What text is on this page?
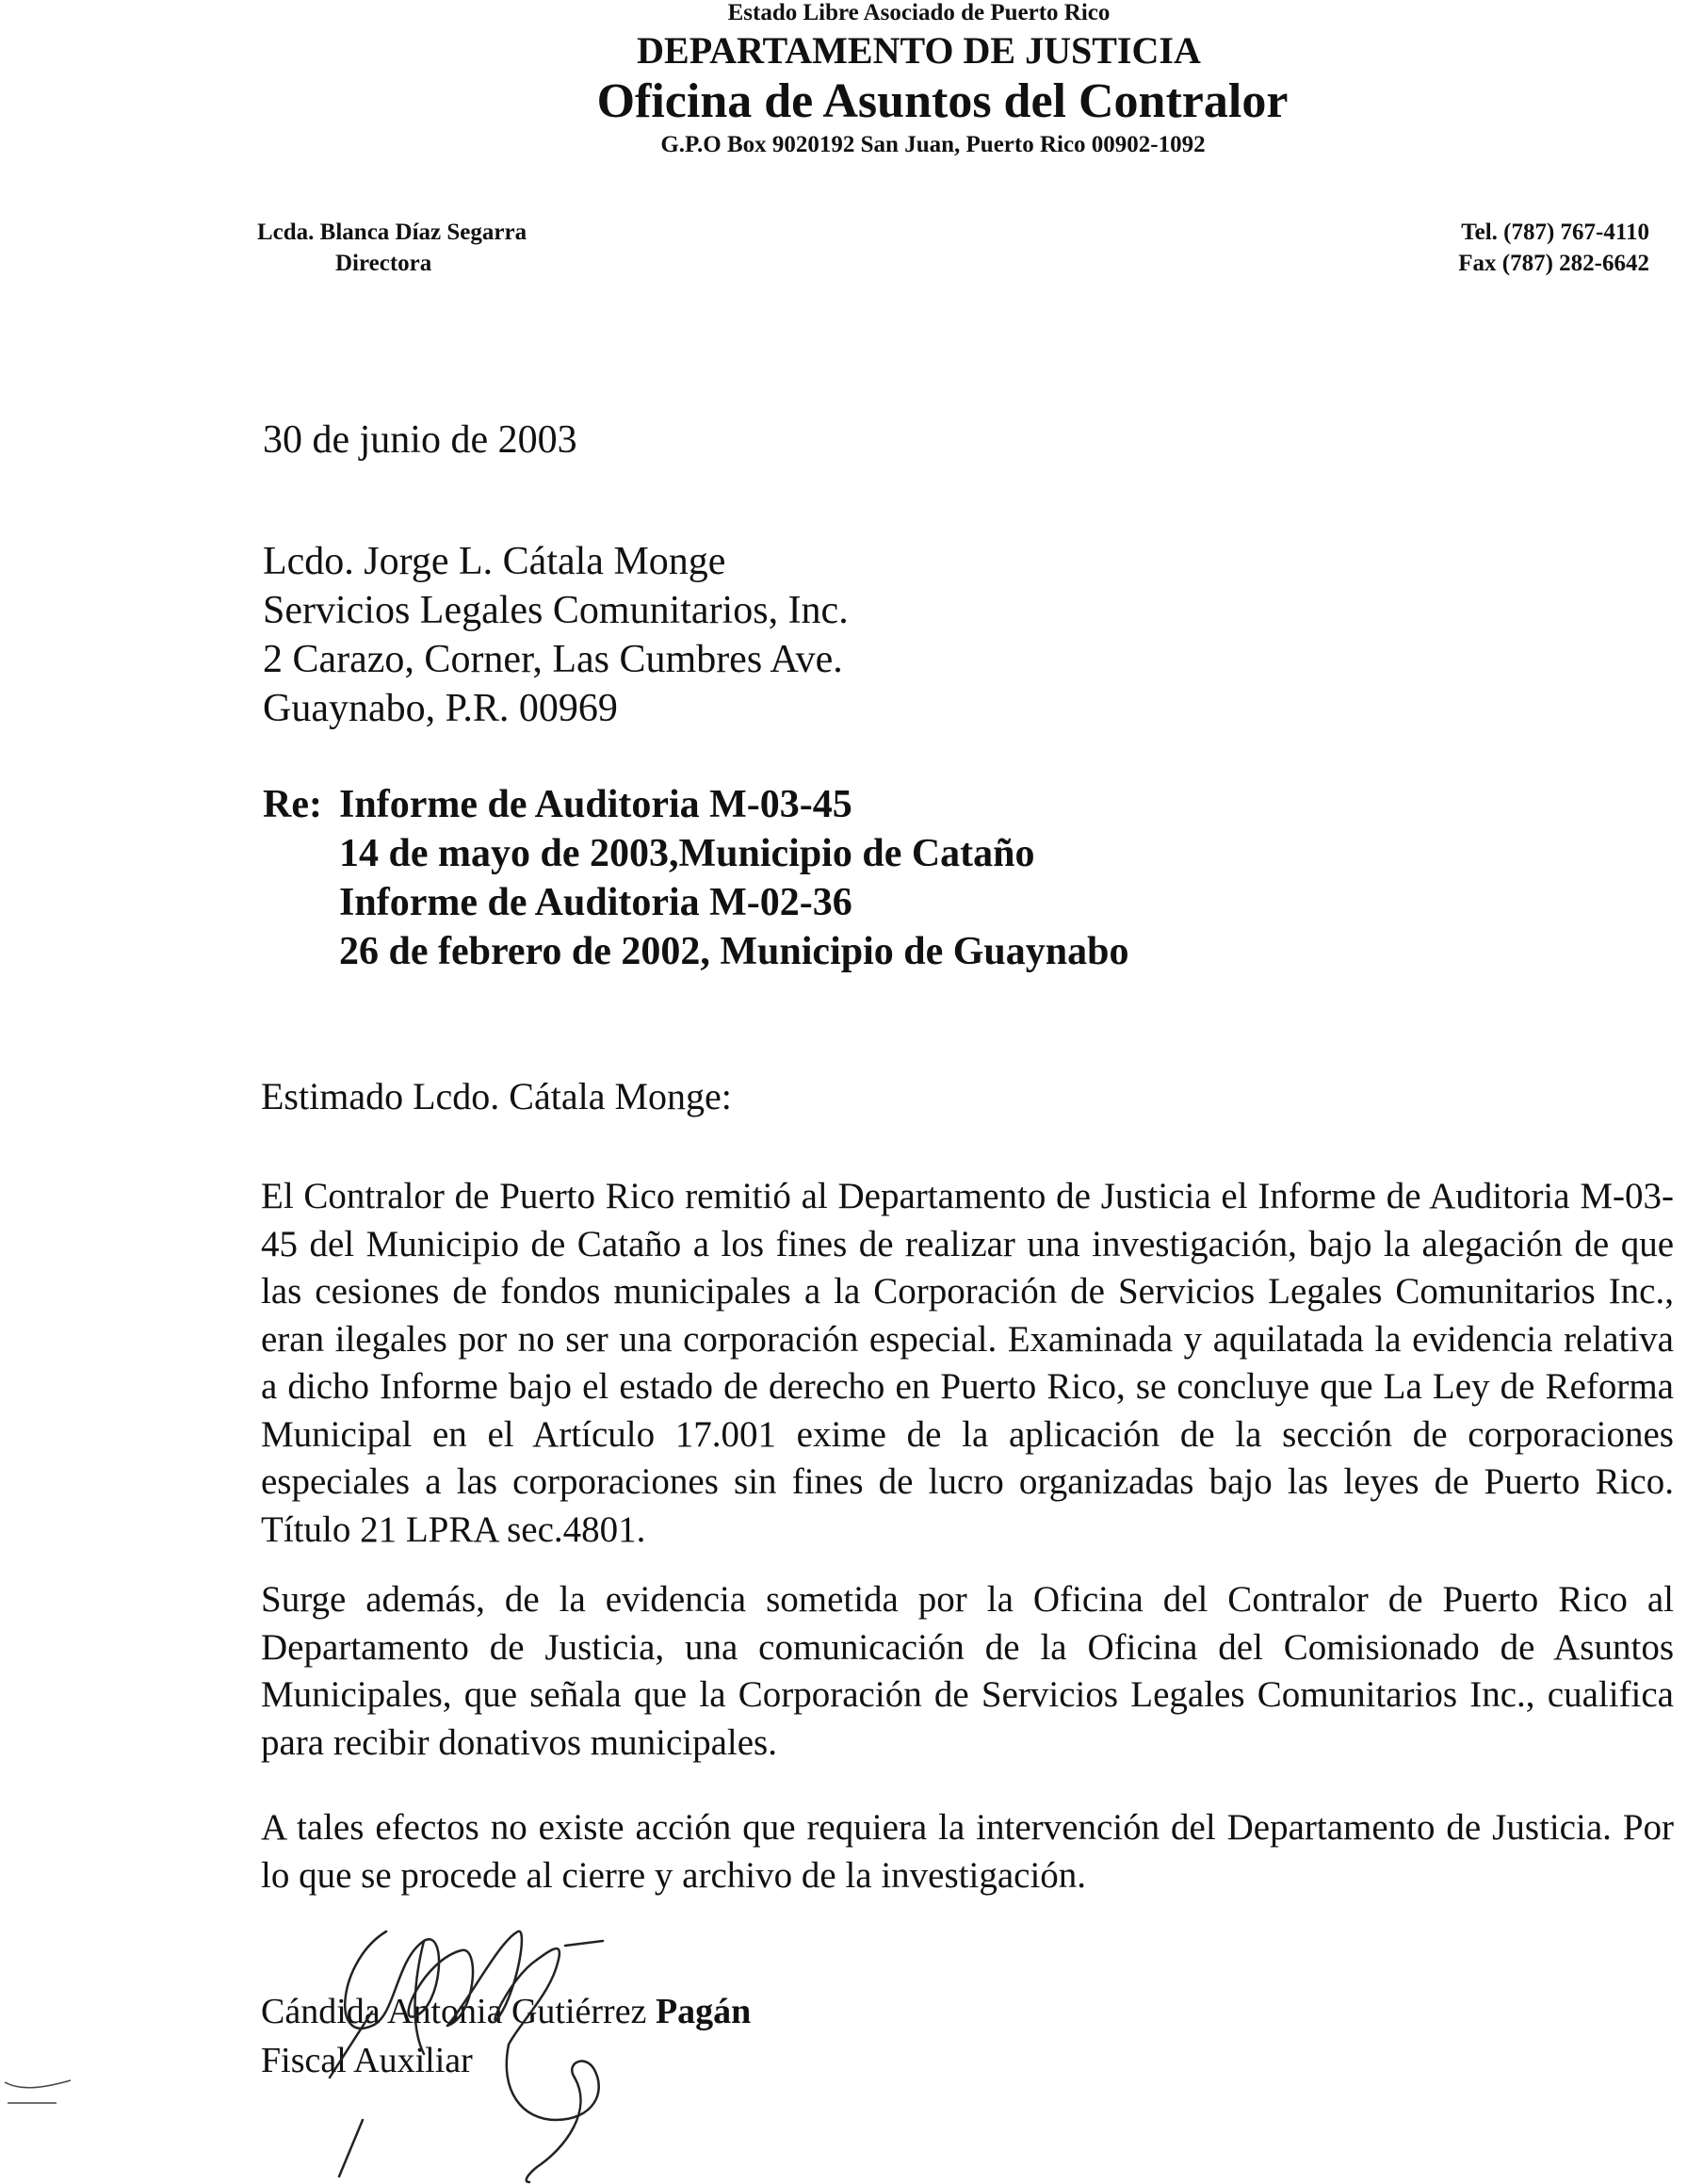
Estado Libre Asociado de Puerto Rico
DEPARTAMENTO DE JUSTICIA
Oficina de Asuntos del Contralor
G.P.O Box 9020192 San Juan, Puerto Rico 00902-1092
Lcda. Blanca Díaz Segarra
Directora
Tel. (787) 767-4110
Fax (787) 282-6642
30 de junio de 2003
Lcdo. Jorge L. Cátala Monge
Servicios Legales Comunitarios, Inc.
2 Carazo, Corner, Las Cumbres Ave.
Guaynabo, P.R. 00969
Re: Informe de Auditoria M-03-45
14 de mayo de 2003,Municipio de Cataño
Informe de Auditoria M-02-36
26 de febrero de 2002, Municipio de Guaynabo
Estimado Lcdo. Cátala Monge:
El Contralor de Puerto Rico remitió al Departamento de Justicia el Informe de Auditoria M-03-45 del Municipio de Cataño a los fines de realizar una investigación, bajo la alegación de que las cesiones de fondos municipales a la Corporación de Servicios Legales Comunitarios Inc., eran ilegales por no ser una corporación especial. Examinada y aquilatada la evidencia relativa a dicho Informe bajo el estado de derecho en Puerto Rico, se concluye que La Ley de Reforma Municipal en el Artículo 17.001 exime de la aplicación de la sección de corporaciones especiales a las corporaciones sin fines de lucro organizadas bajo las leyes de Puerto Rico. Título 21 LPRA sec.4801.
Surge además, de la evidencia sometida por la Oficina del Contralor de Puerto Rico al Departamento de Justicia, una comunicación de la Oficina del Comisionado de Asuntos Municipales, que señala que la Corporación de Servicios Legales Comunitarios Inc., cualifica para recibir donativos municipales.
A tales efectos no existe acción que requiera la intervención del Departamento de Justicia. Por lo que se procede al cierre y archivo de la investigación.
Cándida Antonia Gutiérrez Pagán
Fiscal Auxiliar
